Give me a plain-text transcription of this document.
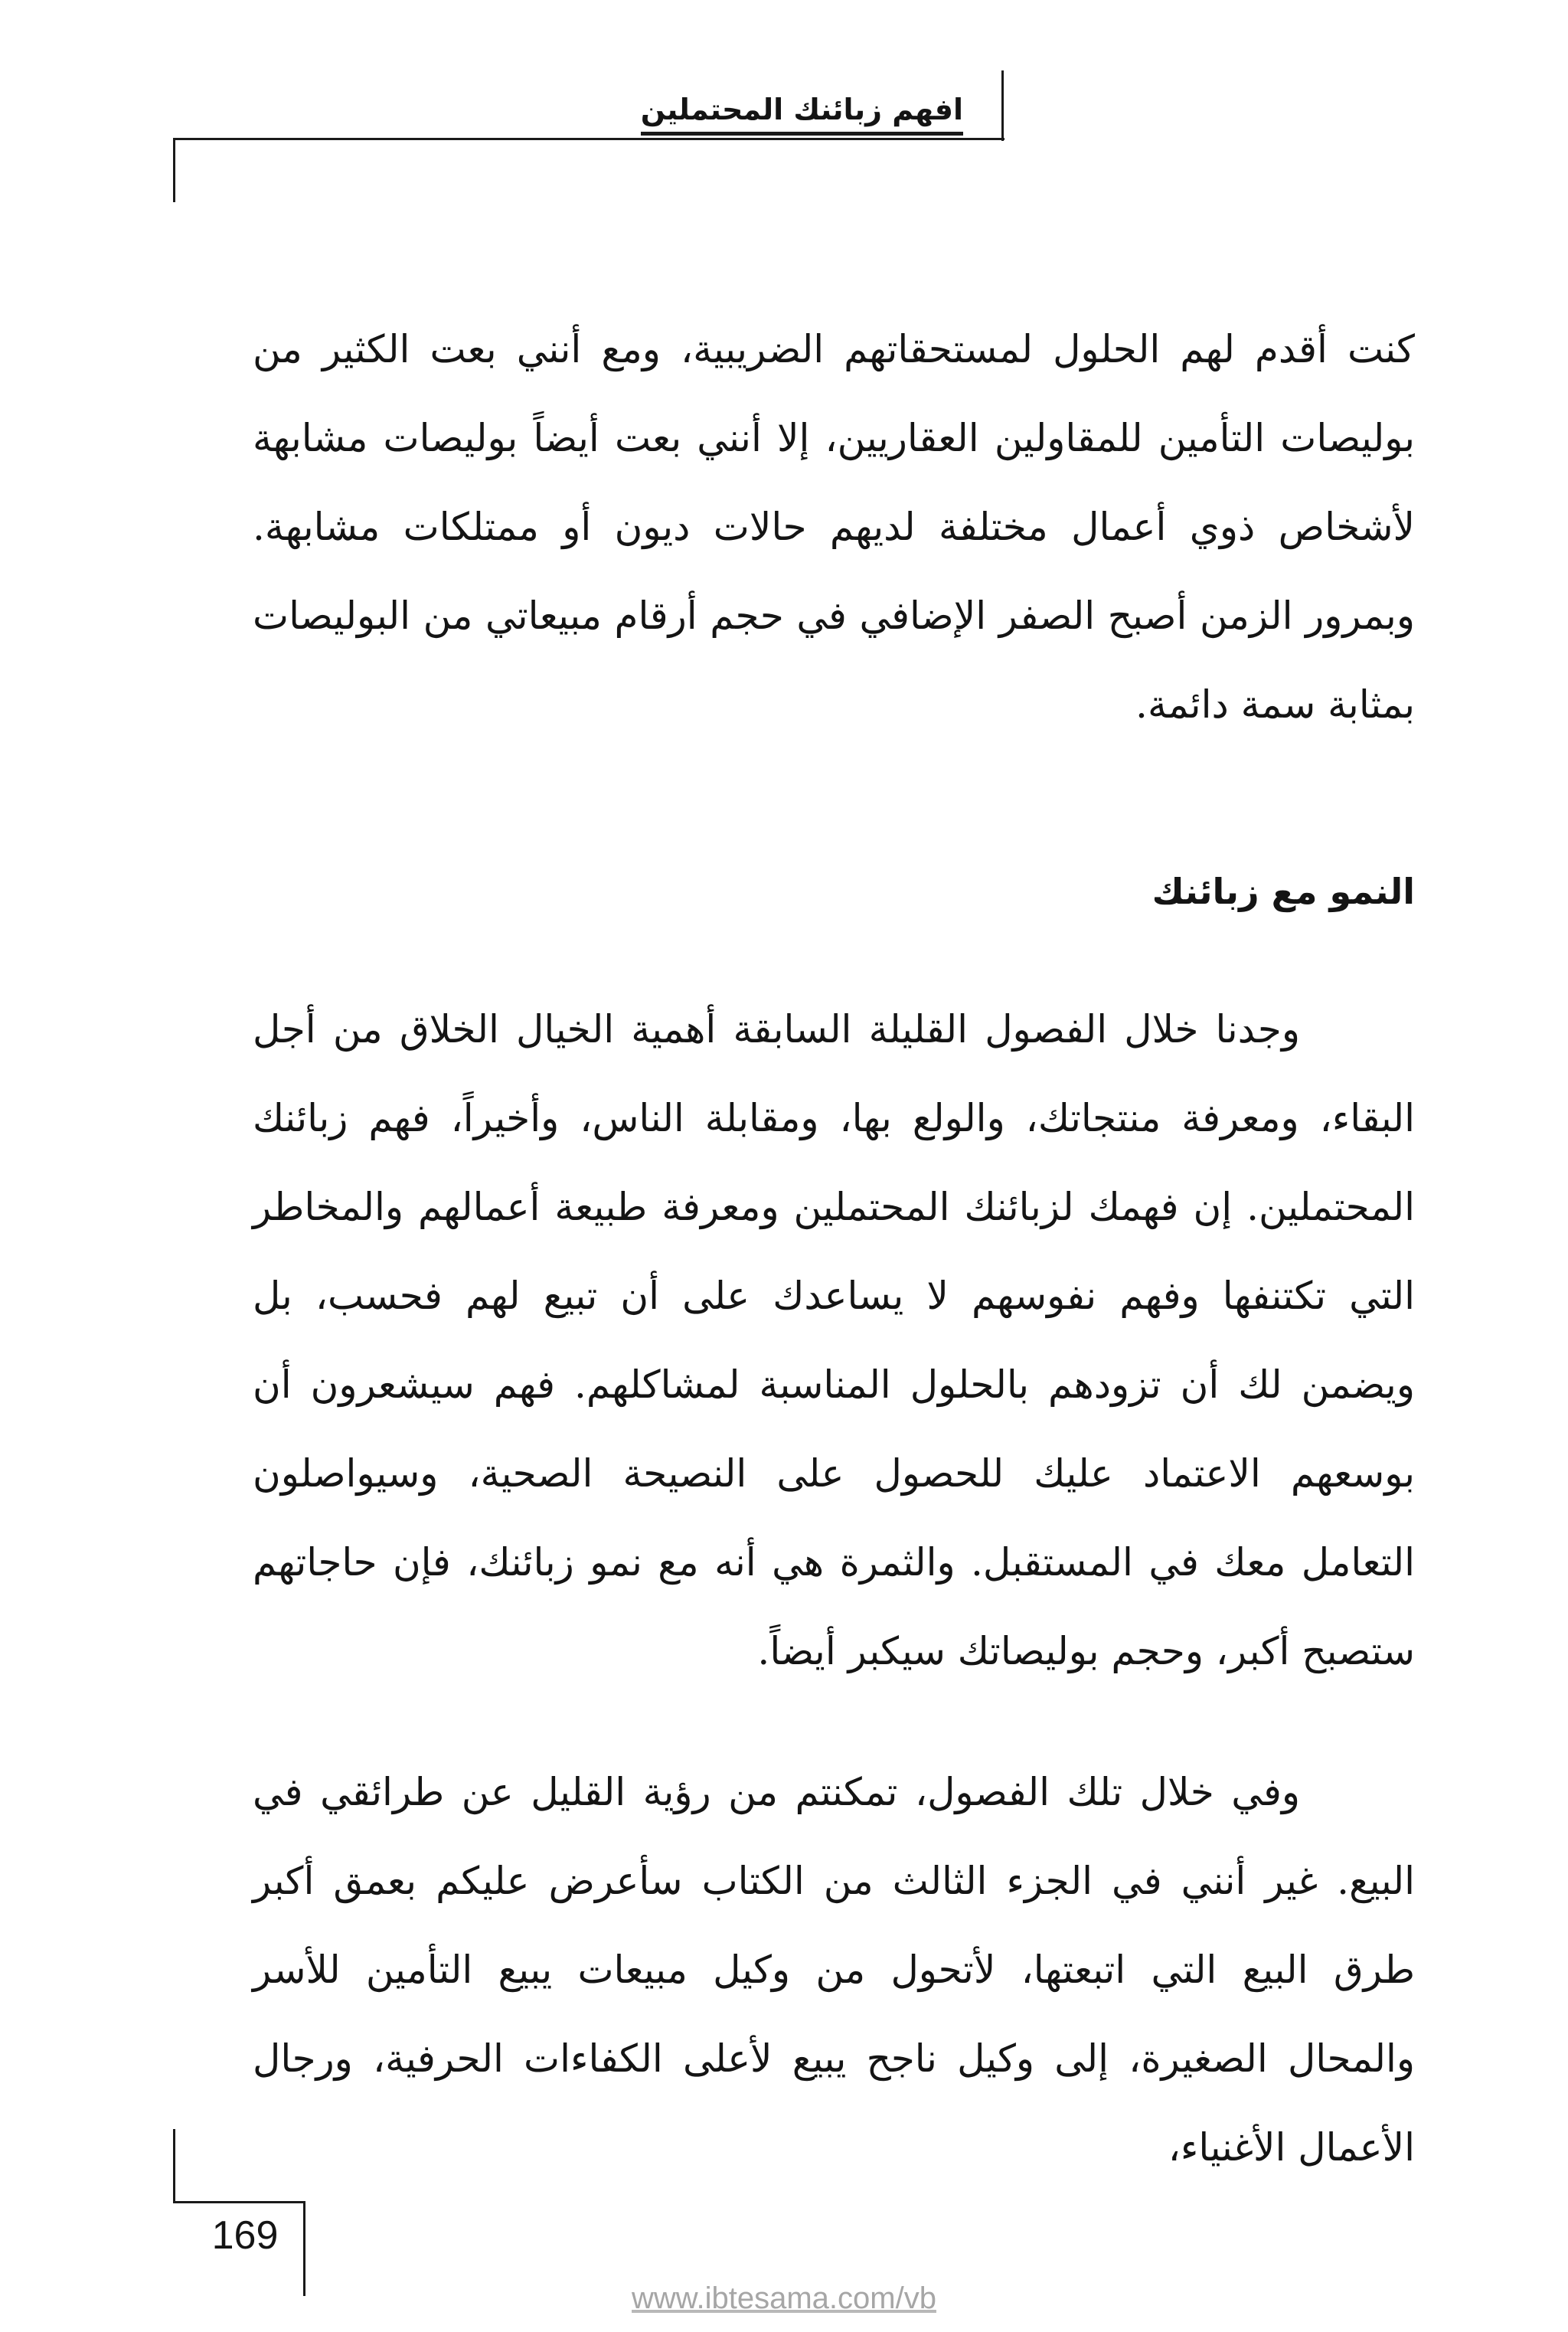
افهم زبائنك المحتملين

كنت أقدم لهم الحلول لمستحقاتهم الضريبية، ومع أنني بعت الكثير من بوليصات التأمين للمقاولين العقاريين، إلا أنني بعت أيضاً بوليصات مشابهة لأشخاص ذوي أعمال مختلفة لديهم حالات ديون أو ممتلكات مشابهة. وبمرور الزمن أصبح الصفر الإضافي في حجم أرقام مبيعاتي من البوليصات بمثابة سمة دائمة.

النمو مع زبائنك

وجدنا خلال الفصول القليلة السابقة أهمية الخيال الخلاق من أجل البقاء، ومعرفة منتجاتك، والولع بها، ومقابلة الناس، وأخيراً، فهم زبائنك المحتملين. إن فهمك لزبائنك المحتملين ومعرفة طبيعة أعمالهم والمخاطر التي تكتنفها وفهم نفوسهم لا يساعدك على أن تبيع لهم فحسب، بل ويضمن لك أن تزودهم بالحلول المناسبة لمشاكلهم. فهم سيشعرون أن بوسعهم الاعتماد عليك للحصول على النصيحة الصحية، وسيواصلون التعامل معك في المستقبل. والثمرة هي أنه مع نمو زبائنك، فإن حاجاتهم ستصبح أكبر، وحجم بوليصاتك سيكبر أيضاً.

وفي خلال تلك الفصول، تمكنتم من رؤية القليل عن طرائقي في البيع. غير أنني في الجزء الثالث من الكتاب سأعرض عليكم بعمق أكبر طرق البيع التي اتبعتها، لأتحول من وكيل مبيعات يبيع التأمين للأسر والمحال الصغيرة، إلى وكيل ناجح يبيع لأعلى الكفاءات الحرفية، ورجال الأعمال الأغنياء،

169
www.ibtesama.com/vb
